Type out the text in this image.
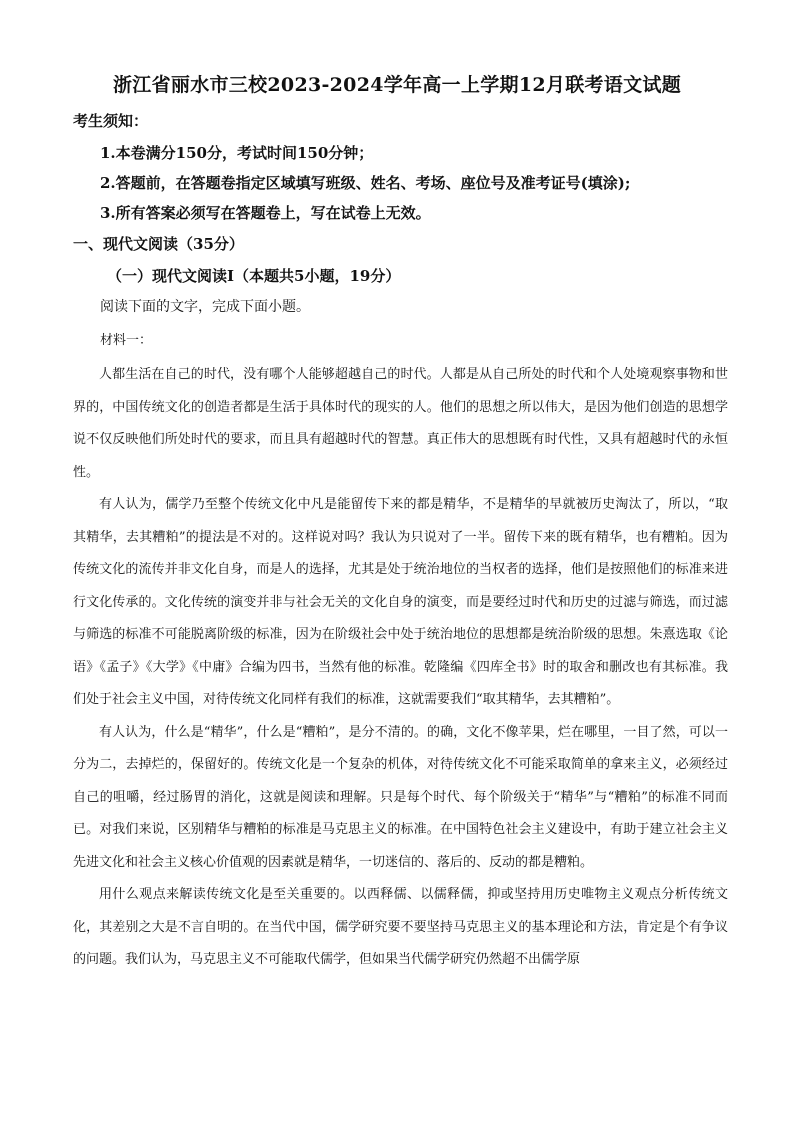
浙江省丽水市三校2023-2024学年高一上学期12月联考语文试题
考生须知：
1.本卷满分150分，考试时间150分钟；
2.答题前，在答题卷指定区域填写班级、姓名、考场、座位号及准考证号(填涂);
3.所有答案必须写在答题卷上，写在试卷上无效。
一、现代文阅读（35分）
（一）现代文阅读Ⅰ（本题共5小题，19分）
阅读下面的文字，完成下面小题。
材料一：

人都生活在自己的时代，没有哪个人能够超越自己的时代。人都是从自己所处的时代和个人处境观察事物和世界的，中国传统文化的创造者都是生活于具体时代的现实的人。他们的思想之所以伟大，是因为他们创造的思想学说不仅反映他们所处时代的要求，而且具有超越时代的智慧。真正伟大的思想既有时代性，又具有超越时代的永恒性。

有人认为，儒学乃至整个传统文化中凡是能留传下来的都是精华，不是精华的早就被历史淘汰了，所以，“取其精华，去其糟粕”的提法是不对的。这样说对吗？我认为只说对了一半。留传下来的既有精华，也有糟粕。因为传统文化的流传并非文化自身，而是人的选择，尤其是处于统治地位的当权者的选择，他们是按照他们的标准来进行文化传承的。文化传统的演变并非与社会无关的文化自身的演变，而是要经过时代和历史的过滤与筛选，而过滤与筛选的标准不可能脱离阶级的标准，因为在阶级社会中处于统治地位的思想都是统治阶级的思想。朱熹选取《论语》《孟子》《大学》《中庸》合编为四书，当然有他的标准。乾隆编《四库全书》时的取舍和删改也有其标准。我们处于社会主义中国，对待传统文化同样有我们的标准，这就需要我们“取其精华，去其糟粕”。

有人认为，什么是“精华”，什么是“糟粕”，是分不清的。的确，文化不像苹果，烂在哪里，一目了然，可以一分为二，去掉烂的，保留好的。传统文化是一个复杂的机体，对待传统文化不可能采取简单的拿来主义，必须经过自己的咀嚼，经过肠胃的消化，这就是阅读和理解。只是每个时代、每个阶级关于“精华”与“糟粕”的标准不同而已。对我们来说，区别精华与糟粕的标准是马克思主义的标准。在中国特色社会主义建设中，有助于建立社会主义先进文化和社会主义核心价值观的因素就是精华，一切迷信的、落后的、反动的都是糟粕。

用什么观点来解读传统文化是至关重要的。以西释儒、以儒释儒，抑或坚持用历史唯物主义观点分析传统文化，其差别之大是不言自明的。在当代中国，儒学研究要不要坚持马克思主义的基本理论和方法，肯定是个有争议的问题。我们认为，马克思主义不可能取代儒学，但如果当代儒学研究仍然超不出儒学原
